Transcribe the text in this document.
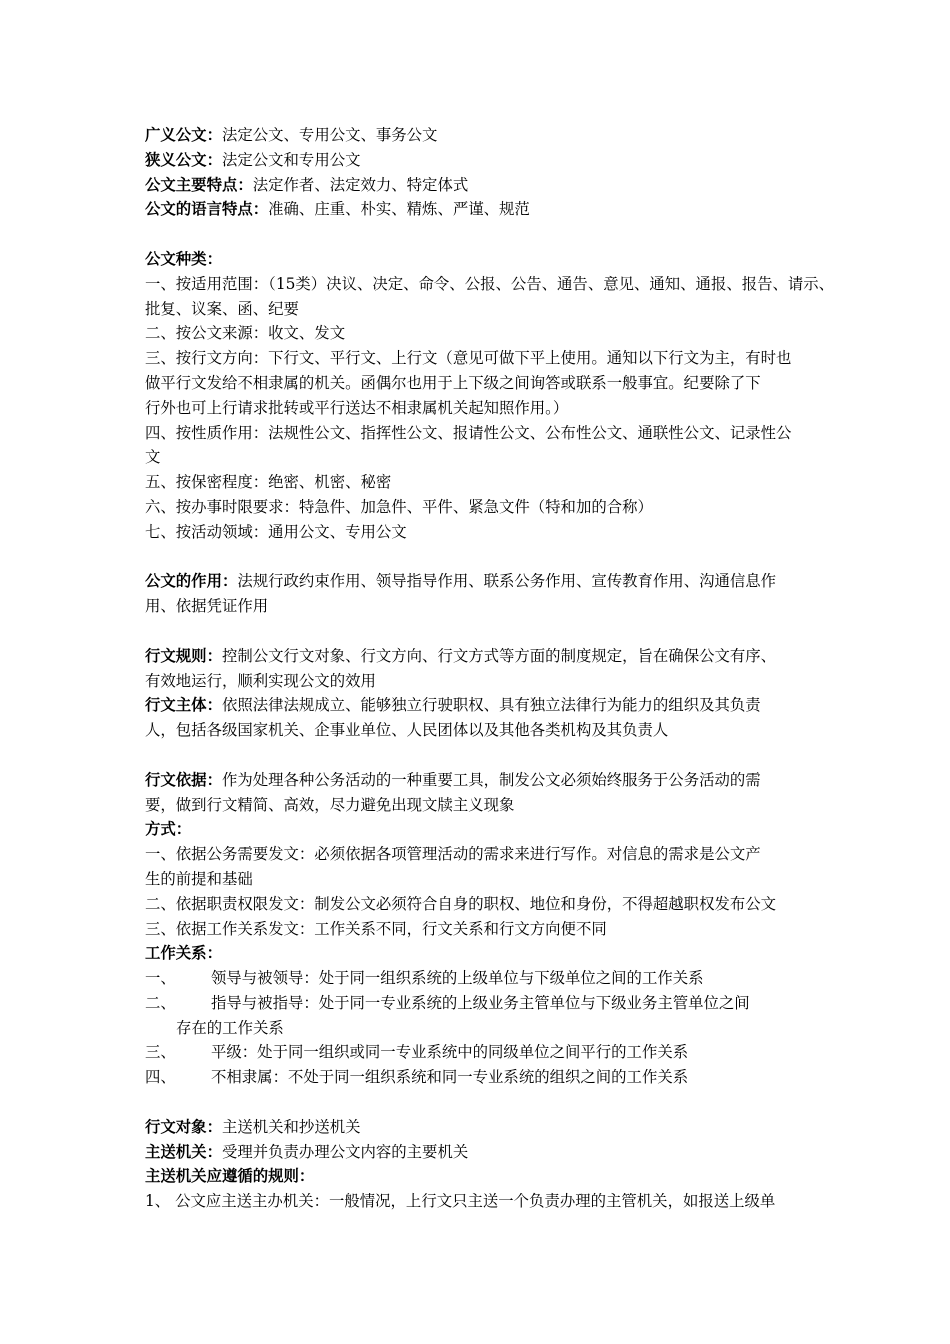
广义公文：法定公文、专用公文、事务公文
狭义公文：法定公文和专用公文
公文主要特点：法定作者、法定效力、特定体式
公文的语言特点：准确、庄重、朴实、精炼、严谨、规范
公文种类：
一、按适用范围：（15类）决议、决定、命令、公报、公告、通告、意见、通知、通报、报告、请示、
批复、议案、函、纪要
二、按公文来源：收文、发文
三、按行文方向：下行文、平行文、上行文（意见可做下平上使用。通知以下行文为主，有时也
做平行文发给不相隶属的机关。函偶尔也用于上下级之间询答或联系一般事宜。纪要除了下
行外也可上行请求批转或平行送达不相隶属机关起知照作用。）
四、按性质作用：法规性公文、指挥性公文、报请性公文、公布性公文、通联性公文、记录性公
文
五、按保密程度：绝密、机密、秘密
六、按办事时限要求：特急件、加急件、平件、紧急文件（特和加的合称）
七、按活动领域：通用公文、专用公文
公文的作用：法规行政约束作用、领导指导作用、联系公务作用、宣传教育作用、沟通信息作
用、依据凭证作用
行文规则：控制公文行文对象、行文方向、行文方式等方面的制度规定，旨在确保公文有序、
有效地运行，顺利实现公文的效用
行文主体：依照法律法规成立、能够独立行驶职权、具有独立法律行为能力的组织及其负责
人，包括各级国家机关、企事业单位、人民团体以及其他各类机构及其负责人
行文依据：作为处理各种公务活动的一种重要工具，制发公文必须始终服务于公务活动的需
要，做到行文精简、高效，尽力避免出现文牍主义现象
方式：
一、依据公务需要发文：必须依据各项管理活动的需求来进行写作。对信息的需求是公文产
生的前提和基础
二、依据职责权限发文：制发公文必须符合自身的职权、地位和身份，不得超越职权发布公文
三、依据工作关系发文：工作关系不同，行文关系和行文方向便不同
工作关系：
一、 领导与被领导：处于同一组织系统的上级单位与下级单位之间的工作关系
二、 指导与被指导：处于同一专业系统的上级业务主管单位与下级业务主管单位之间
存在的工作关系
三、 平级：处于同一组织或同一专业系统中的同级单位之间平行的工作关系
四、 不相隶属：不处于同一组织系统和同一专业系统的组织之间的工作关系
行文对象：主送机关和抄送机关
主送机关：受理并负责办理公文内容的主要机关
主送机关应遵循的规则：
1、 公文应主送主办机关：一般情况，上行文只主送一个负责办理的主管机关，如报送上级单
